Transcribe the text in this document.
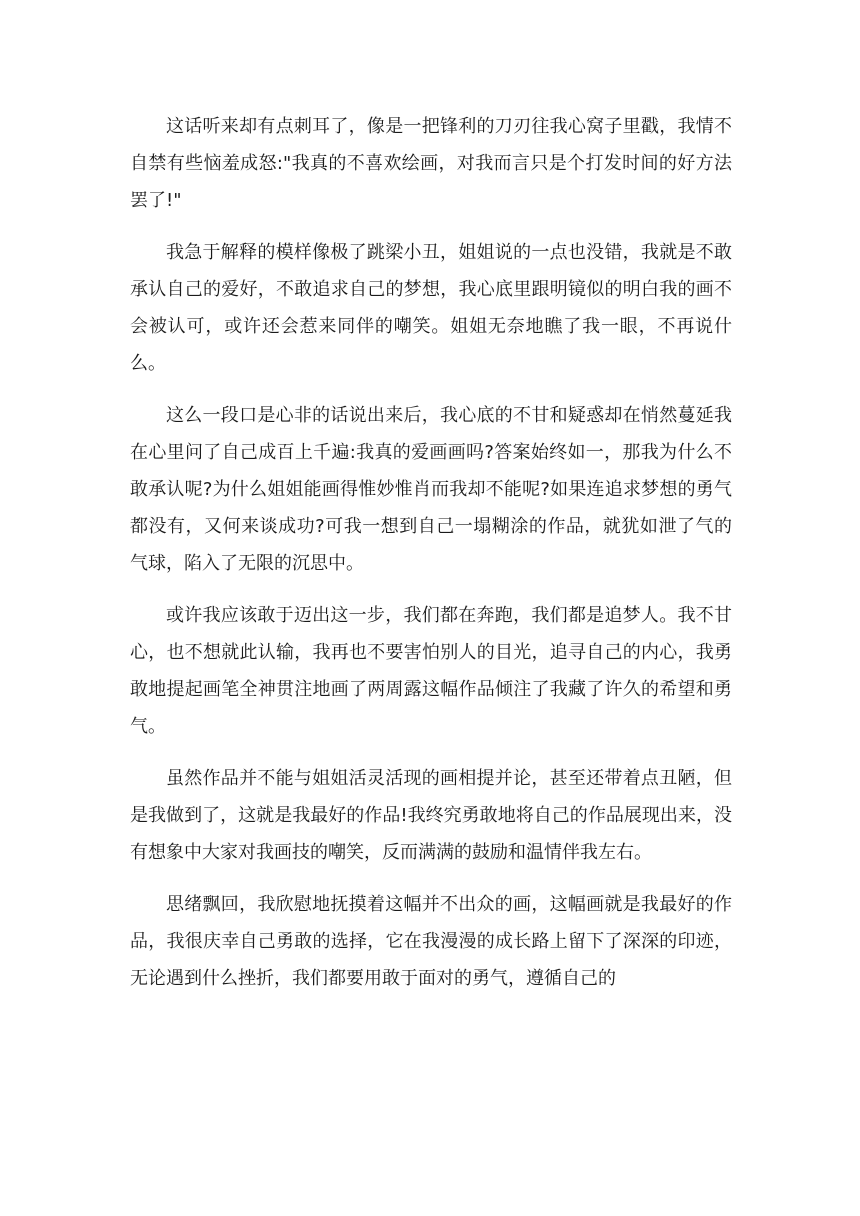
这话听来却有点刺耳了，像是一把锋利的刀刃往我心窝子里戳，我情不自禁有些恼羞成怒:"我真的不喜欢绘画，对我而言只是个打发时间的好方法罢了!"

我急于解释的模样像极了跳梁小丑，姐姐说的一点也没错，我就是不敢承认自己的爱好，不敢追求自己的梦想，我心底里跟明镜似的明白我的画不会被认可，或许还会惹来同伴的嘲笑。姐姐无奈地瞧了我一眼，不再说什么。

这么一段口是心非的话说出来后，我心底的不甘和疑惑却在悄然蔓延我在心里问了自己成百上千遍:我真的爱画画吗?答案始终如一，那我为什么不敢承认呢?为什么姐姐能画得惟妙惟肖而我却不能呢?如果连追求梦想的勇气都没有，又何来谈成功?可我一想到自己一塌糊涂的作品，就犹如泄了气的气球，陷入了无限的沉思中。

或许我应该敢于迈出这一步，我们都在奔跑，我们都是追梦人。我不甘心，也不想就此认输，我再也不要害怕别人的目光，追寻自己的内心，我勇敢地提起画笔全神贯注地画了两周露这幅作品倾注了我藏了许久的希望和勇气。

虽然作品并不能与姐姐活灵活现的画相提并论，甚至还带着点丑陋，但是我做到了，这就是我最好的作品!我终究勇敢地将自己的作品展现出来，没有想象中大家对我画技的嘲笑，反而满满的鼓励和温情伴我左右。

思绪飘回，我欣慰地抚摸着这幅并不出众的画，这幅画就是我最好的作品，我很庆幸自己勇敢的选择，它在我漫漫的成长路上留下了深深的印迹，无论遇到什么挫折，我们都要用敢于面对的勇气，遵循自己的
